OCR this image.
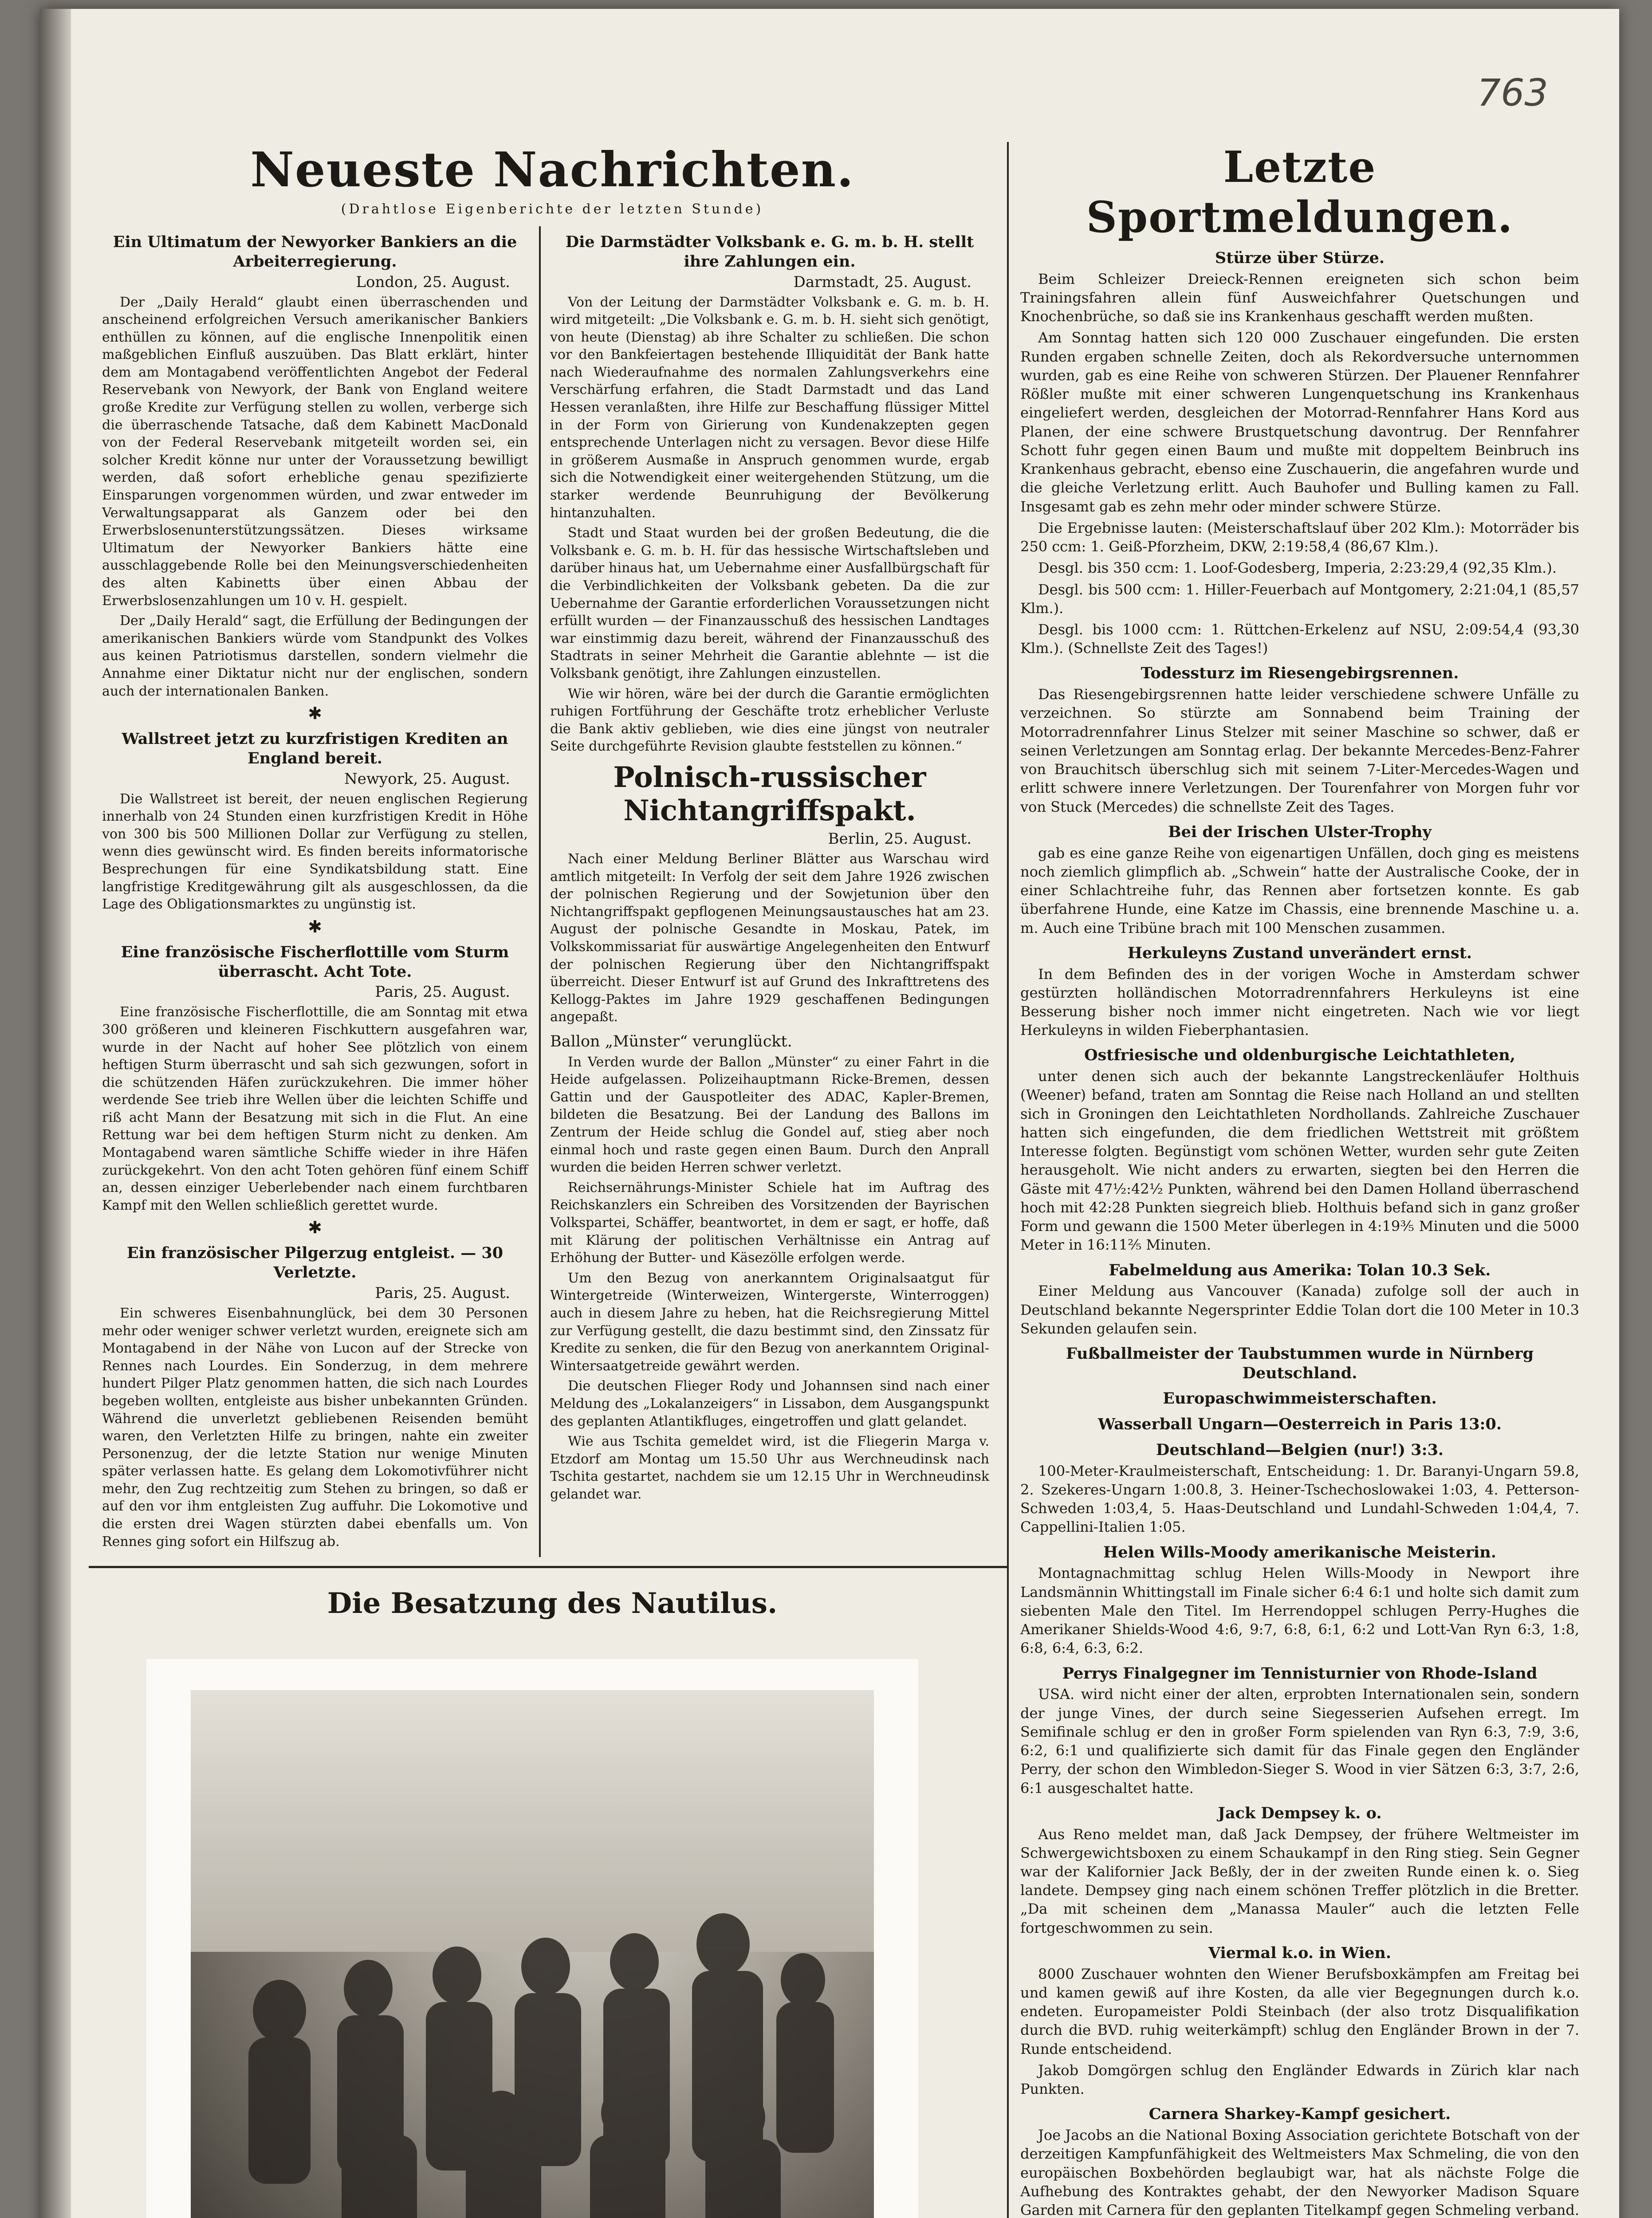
763
Neueste Nachrichten.
(Drahtlose Eigenberichte der letzten Stunde)
Ein Ultimatum der Newyorker Bankiers an die Arbeiterregierung.
London, 25. August.

Der „Daily Herald“ glaubt einen überraschenden und anscheinend erfolgreichen Versuch amerikanischer Bankiers enthüllen zu können, auf die englische Innenpolitik einen maßgeblichen Einfluß auszuüben. Das Blatt erklärt, hinter dem am Montagabend veröffentlichten Angebot der Federal Reservebank von Newyork, der Bank von England weitere große Kredite zur Verfügung stellen zu wollen, verberge sich die überraschende Tatsache, daß dem Kabinett MacDonald von der Federal Reservebank mitgeteilt worden sei, ein solcher Kredit könne nur unter der Voraussetzung bewilligt werden, daß sofort erhebliche genau spezifizierte Einsparungen vorgenommen würden, und zwar entweder im Verwaltungsapparat als Ganzem oder bei den Erwerbslosenunterstützungssätzen. Dieses wirksame Ultimatum der Newyorker Bankiers hätte eine ausschlaggebende Rolle bei den Meinungsverschiedenheiten des alten Kabinetts über einen Abbau der Erwerbslosenzahlungen um 10 v. H. gespielt.

Der „Daily Herald“ sagt, die Erfüllung der Bedingungen der amerikanischen Bankiers würde vom Standpunkt des Volkes aus keinen Patriotismus darstellen, sondern vielmehr die Annahme einer Diktatur nicht nur der englischen, sondern auch der internationalen Banken.

✱
Wallstreet jetzt zu kurzfristigen Krediten an England bereit.
Newyork, 25. August.

Die Wallstreet ist bereit, der neuen englischen Regierung innerhalb von 24 Stunden einen kurzfristigen Kredit in Höhe von 300 bis 500 Millionen Dollar zur Verfügung zu stellen, wenn dies gewünscht wird. Es finden bereits informatorische Besprechungen für eine Syndikatsbildung statt. Eine langfristige Kreditgewährung gilt als ausgeschlossen, da die Lage des Obligationsmarktes zu ungünstig ist.

✱
Eine französische Fischerflottille vom Sturm überrascht. Acht Tote.
Paris, 25. August.

Eine französische Fischerflottille, die am Sonntag mit etwa 300 größeren und kleineren Fischkuttern ausgefahren war, wurde in der Nacht auf hoher See plötzlich von einem heftigen Sturm überrascht und sah sich gezwungen, sofort in die schützenden Häfen zurückzukehren. Die immer höher werdende See trieb ihre Wellen über die leichten Schiffe und riß acht Mann der Besatzung mit sich in die Flut. An eine Rettung war bei dem heftigen Sturm nicht zu denken. Am Montagabend waren sämtliche Schiffe wieder in ihre Häfen zurückgekehrt. Von den acht Toten gehören fünf einem Schiff an, dessen einziger Ueberlebender nach einem furchtbaren Kampf mit den Wellen schließlich gerettet wurde.

✱
Ein französischer Pilgerzug entgleist. — 30 Verletzte.
Paris, 25. August.

Ein schweres Eisenbahnunglück, bei dem 30 Personen mehr oder weniger schwer verletzt wurden, ereignete sich am Montagabend in der Nähe von Lucon auf der Strecke von Rennes nach Lourdes. Ein Sonderzug, in dem mehrere hundert Pilger Platz genommen hatten, die sich nach Lourdes begeben wollten, entgleiste aus bisher unbekannten Gründen. Während die unverletzt gebliebenen Reisenden bemüht waren, den Verletzten Hilfe zu bringen, nahte ein zweiter Personenzug, der die letzte Station nur wenige Minuten später verlassen hatte. Es gelang dem Lokomotivführer nicht mehr, den Zug rechtzeitig zum Stehen zu bringen, so daß er auf den vor ihm entgleisten Zug auffuhr. Die Lokomotive und die ersten drei Wagen stürzten dabei ebenfalls um. Von Rennes ging sofort ein Hilfszug ab.

Die Darmstädter Volksbank e. G. m. b. H. stellt ihre Zahlungen ein.
Darmstadt, 25. August.

Von der Leitung der Darmstädter Volksbank e. G. m. b. H. wird mitgeteilt: „Die Volksbank e. G. m. b. H. sieht sich genötigt, von heute (Dienstag) ab ihre Schalter zu schließen. Die schon vor den Bankfeiertagen bestehende Illiquidität der Bank hatte nach Wiederaufnahme des normalen Zahlungsverkehrs eine Verschärfung erfahren, die Stadt Darmstadt und das Land Hessen veranlaßten, ihre Hilfe zur Beschaffung flüssiger Mittel in der Form von Girierung von Kundenakzepten gegen entsprechende Unterlagen nicht zu versagen. Bevor diese Hilfe in größerem Ausmaße in Anspruch genommen wurde, ergab sich die Notwendigkeit einer weitergehenden Stützung, um die starker werdende Beunruhigung der Bevölkerung hintanzuhalten.

Stadt und Staat wurden bei der großen Bedeutung, die die Volksbank e. G. m. b. H. für das hessische Wirtschaftsleben und darüber hinaus hat, um Uebernahme einer Ausfallbürgschaft für die Verbindlichkeiten der Volksbank gebeten. Da die zur Uebernahme der Garantie erforderlichen Voraussetzungen nicht erfüllt wurden — der Finanzausschuß des hessischen Landtages war einstimmig dazu bereit, während der Finanzausschuß des Stadtrats in seiner Mehrheit die Garantie ablehnte — ist die Volksbank genötigt, ihre Zahlungen einzustellen.

Wie wir hören, wäre bei der durch die Garantie ermöglichten ruhigen Fortführung der Geschäfte trotz erheblicher Verluste die Bank aktiv geblieben, wie dies eine jüngst von neutraler Seite durchgeführte Revision glaubte feststellen zu können.“

Polnisch-russischer Nichtangriffspakt.
Berlin, 25. August.

Nach einer Meldung Berliner Blätter aus Warschau wird amtlich mitgeteilt: In Verfolg der seit dem Jahre 1926 zwischen der polnischen Regierung und der Sowjetunion über den Nichtangriffspakt gepflogenen Meinungsaustausches hat am 23. August der polnische Gesandte in Moskau, Patek, im Volkskommissariat für auswärtige Angelegenheiten den Entwurf der polnischen Regierung über den Nichtangriffspakt überreicht. Dieser Entwurf ist auf Grund des Inkrafttretens des Kellogg-Paktes im Jahre 1929 geschaffenen Bedingungen angepaßt.

Ballon „Münster“ verunglückt.

In Verden wurde der Ballon „Münster“ zu einer Fahrt in die Heide aufgelassen. Polizeihauptmann Ricke-Bremen, dessen Gattin und der Gauspotleiter des ADAC, Kapler-Bremen, bildeten die Besatzung. Bei der Landung des Ballons im Zentrum der Heide schlug die Gondel auf, stieg aber noch einmal hoch und raste gegen einen Baum. Durch den Anprall wurden die beiden Herren schwer verletzt.

Reichsernährungs-Minister Schiele hat im Auftrag des Reichskanzlers ein Schreiben des Vorsitzenden der Bayrischen Volkspartei, Schäffer, beantwortet, in dem er sagt, er hoffe, daß mit Klärung der politischen Verhältnisse ein Antrag auf Erhöhung der Butter- und Käsezölle erfolgen werde.

Um den Bezug von anerkanntem Originalsaatgut für Wintergetreide (Winterweizen, Wintergerste, Winterroggen) auch in diesem Jahre zu heben, hat die Reichsregierung Mittel zur Verfügung gestellt, die dazu bestimmt sind, den Zinssatz für Kredite zu senken, die für den Bezug von anerkanntem Original-Wintersaatgetreide gewährt werden.

Die deutschen Flieger Rody und Johannsen sind nach einer Meldung des „Lokalanzeigers“ in Lissabon, dem Ausgangspunkt des geplanten Atlantikfluges, eingetroffen und glatt gelandet.

Wie aus Tschita gemeldet wird, ist die Fliegerin Marga v. Etzdorf am Montag um 15.50 Uhr aus Werchneudinsk nach Tschita gestartet, nachdem sie um 12.15 Uhr in Werchneudinsk gelandet war.

Die Besatzung des Nautilus.
Letzte Sportmeldungen.
Stürze über Stürze.

Beim Schleizer Dreieck-Rennen ereigneten sich schon beim Trainingsfahren allein fünf Ausweichfahrer Quetschungen und Knochenbrüche, so daß sie ins Krankenhaus geschafft werden mußten.

Am Sonntag hatten sich 120 000 Zuschauer eingefunden. Die ersten Runden ergaben schnelle Zeiten, doch als Rekordversuche unternommen wurden, gab es eine Reihe von schweren Stürzen. Der Plauener Rennfahrer Rößler mußte mit einer schweren Lungenquetschung ins Krankenhaus eingeliefert werden, desgleichen der Motorrad-Rennfahrer Hans Kord aus Planen, der eine schwere Brustquetschung davontrug. Der Rennfahrer Schott fuhr gegen einen Baum und mußte mit doppeltem Beinbruch ins Krankenhaus gebracht, ebenso eine Zuschauerin, die angefahren wurde und die gleiche Verletzung erlitt. Auch Bauhofer und Bulling kamen zu Fall. Insgesamt gab es zehn mehr oder minder schwere Stürze.

Die Ergebnisse lauten: (Meisterschaftslauf über 202 Klm.): Motorräder bis 250 ccm: 1. Geiß-Pforzheim, DKW, 2:19:58,4 (86,67 Klm.).

Desgl. bis 350 ccm: 1. Loof-Godesberg, Imperia, 2:23:29,4 (92,35 Klm.).

Desgl. bis 500 ccm: 1. Hiller-Feuerbach auf Montgomery, 2:21:04,1 (85,57 Klm.).

Desgl. bis 1000 ccm: 1. Rüttchen-Erkelenz auf NSU, 2:09:54,4 (93,30 Klm.). (Schnellste Zeit des Tages!)

Todessturz im Riesengebirgsrennen.

Das Riesengebirgsrennen hatte leider verschiedene schwere Unfälle zu verzeichnen. So stürzte am Sonnabend beim Training der Motorradrennfahrer Linus Stelzer mit seiner Maschine so schwer, daß er seinen Verletzungen am Sonntag erlag. Der bekannte Mercedes-Benz-Fahrer von Brauchitsch überschlug sich mit seinem 7-Liter-Mercedes-Wagen und erlitt schwere innere Verletzungen. Der Tourenfahrer von Morgen fuhr vor von Stuck (Mercedes) die schnellste Zeit des Tages.

Bei der Irischen Ulster-Trophy

gab es eine ganze Reihe von eigenartigen Unfällen, doch ging es meistens noch ziemlich glimpflich ab. „Schwein“ hatte der Australische Cooke, der in einer Schlachtreihe fuhr, das Rennen aber fortsetzen konnte. Es gab überfahrene Hunde, eine Katze im Chassis, eine brennende Maschine u. a. m. Auch eine Tribüne brach mit 100 Menschen zusammen.

Herkuleyns Zustand unverändert ernst.

In dem Befinden des in der vorigen Woche in Amsterdam schwer gestürzten holländischen Motorradrennfahrers Herkuleyns ist eine Besserung bisher noch immer nicht eingetreten. Nach wie vor liegt Herkuleyns in wilden Fieberphantasien.

Ostfriesische und oldenburgische Leichtathleten,

unter denen sich auch der bekannte Langstreckenläufer Holthuis (Weener) befand, traten am Sonntag die Reise nach Holland an und stellten sich in Groningen den Leichtathleten Nordhollands. Zahlreiche Zuschauer hatten sich eingefunden, die dem friedlichen Wettstreit mit größtem Interesse folgten. Begünstigt vom schönen Wetter, wurden sehr gute Zeiten herausgeholt. Wie nicht anders zu erwarten, siegten bei den Herren die Gäste mit 47½:42½ Punkten, während bei den Damen Holland überraschend hoch mit 42:28 Punkten siegreich blieb. Holthuis befand sich in ganz großer Form und gewann die 1500 Meter überlegen in 4:19⅗ Minuten und die 5000 Meter in 16:11⅖ Minuten.

Fabelmeldung aus Amerika: Tolan 10.3 Sek.

Einer Meldung aus Vancouver (Kanada) zufolge soll der auch in Deutschland bekannte Negersprinter Eddie Tolan dort die 100 Meter in 10.3 Sekunden gelaufen sein.

Fußballmeister der Taubstummen wurde in Nürnberg Deutschland.
Europaschwimmeisterschaften.
Wasserball Ungarn—Oesterreich in Paris 13:0.
Deutschland—Belgien (nur!) 3:3.

100-Meter-Kraulmeisterschaft, Entscheidung: 1. Dr. Baranyi-Ungarn 59.8, 2. Szekeres-Ungarn 1:00.8, 3. Heiner-Tschechoslowakei 1:03, 4. Petterson-Schweden 1:03,4, 5. Haas-Deutschland und Lundahl-Schweden 1:04,4, 7. Cappellini-Italien 1:05.

Helen Wills-Moody amerikanische Meisterin.

Montagnachmittag schlug Helen Wills-Moody in Newport ihre Landsmännin Whittingstall im Finale sicher 6:4 6:1 und holte sich damit zum siebenten Male den Titel. Im Herrendoppel schlugen Perry-Hughes die Amerikaner Shields-Wood 4:6, 9:7, 6:8, 6:1, 6:2 und Lott-Van Ryn 6:3, 1:8, 6:8, 6:4, 6:3, 6:2.

Perrys Finalgegner im Tennisturnier von Rhode-Island

USA. wird nicht einer der alten, erprobten Internationalen sein, sondern der junge Vines, der durch seine Siegesserien Aufsehen erregt. Im Semifinale schlug er den in großer Form spielenden van Ryn 6:3, 7:9, 3:6, 6:2, 6:1 und qualifizierte sich damit für das Finale gegen den Engländer Perry, der schon den Wimbledon-Sieger S. Wood in vier Sätzen 6:3, 3:7, 2:6, 6:1 ausgeschaltet hatte.

Jack Dempsey k. o.

Aus Reno meldet man, daß Jack Dempsey, der frühere Weltmeister im Schwergewichtsboxen zu einem Schaukampf in den Ring stieg. Sein Gegner war der Kalifornier Jack Beßly, der in der zweiten Runde einen k. o. Sieg landete. Dempsey ging nach einem schönen Treffer plötzlich in die Bretter. „Da mit scheinen dem „Manassa Mauler“ auch die letzten Felle fortgeschwommen zu sein.

Viermal k.o. in Wien.

8000 Zuschauer wohnten den Wiener Berufsboxkämpfen am Freitag bei und kamen gewiß auf ihre Kosten, da alle vier Begegnungen durch k.o. endeten. Europameister Poldi Steinbach (der also trotz Disqualifikation durch die BVD. ruhig weiterkämpft) schlug den Engländer Brown in der 7. Runde entscheidend.

Jakob Domgörgen schlug den Engländer Edwards in Zürich klar nach Punkten.

Carnera Sharkey-Kampf gesichert.

Joe Jacobs an die National Boxing Association gerichtete Botschaft von der derzeitigen Kampfunfähigkeit des Weltmeisters Max Schmeling, die von den europäischen Boxbehörden beglaubigt war, hat als nächste Folge die Aufhebung des Kontraktes gehabt, der den Newyorker Madison Square Garden mit Carnera für den geplanten Titelkampf gegen Schmeling verband.
